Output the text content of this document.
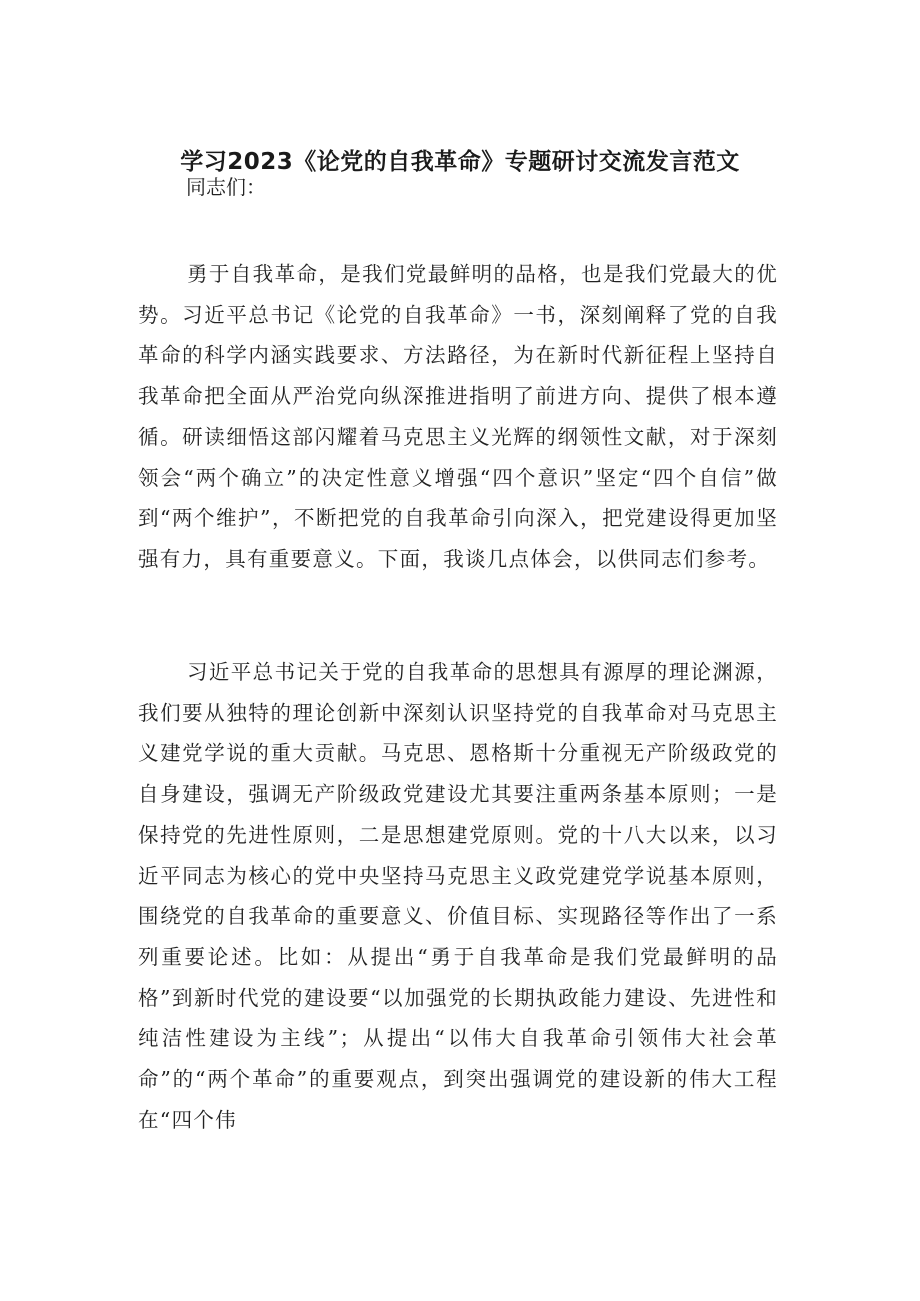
学习2023《论党的自我革命》专题研讨交流发言范文

同志们：

勇于自我革命，是我们党最鲜明的品格，也是我们党最大的优势。习近平总书记《论党的自我革命》一书，深刻阐释了党的自我革命的科学内涵实践要求、方法路径，为在新时代新征程上坚持自我革命把全面从严治党向纵深推进指明了前进方向、提供了根本遵循。研读细悟这部闪耀着马克思主义光辉的纲领性文献，对于深刻领会“两个确立”的决定性意义增强“四个意识”坚定“四个自信”做到“两个维护”，不断把党的自我革命引向深入，把党建设得更加坚强有力，具有重要意义。下面，我谈几点体会，以供同志们参考。

习近平总书记关于党的自我革命的思想具有源厚的理论渊源，我们要从独特的理论创新中深刻认识坚持党的自我革命对马克思主义建党学说的重大贡献。马克思、恩格斯十分重视无产阶级政党的自身建设，强调无产阶级政党建设尤其要注重两条基本原则；一是保持党的先进性原则，二是思想建党原则。党的十八大以来，以习近平同志为核心的党中央坚持马克思主义政党建党学说基本原则，围绕党的自我革命的重要意义、价值目标、实现路径等作出了一系列重要论述。比如：从提出“勇于自我革命是我们党最鲜明的品格”到新时代党的建设要“以加强党的长期执政能力建设、先进性和纯洁性建设为主线”；从提出“以伟大自我革命引领伟大社会革命”的“两个革命”的重要观点，到突出强调党的建设新的伟大工程在“四个伟
